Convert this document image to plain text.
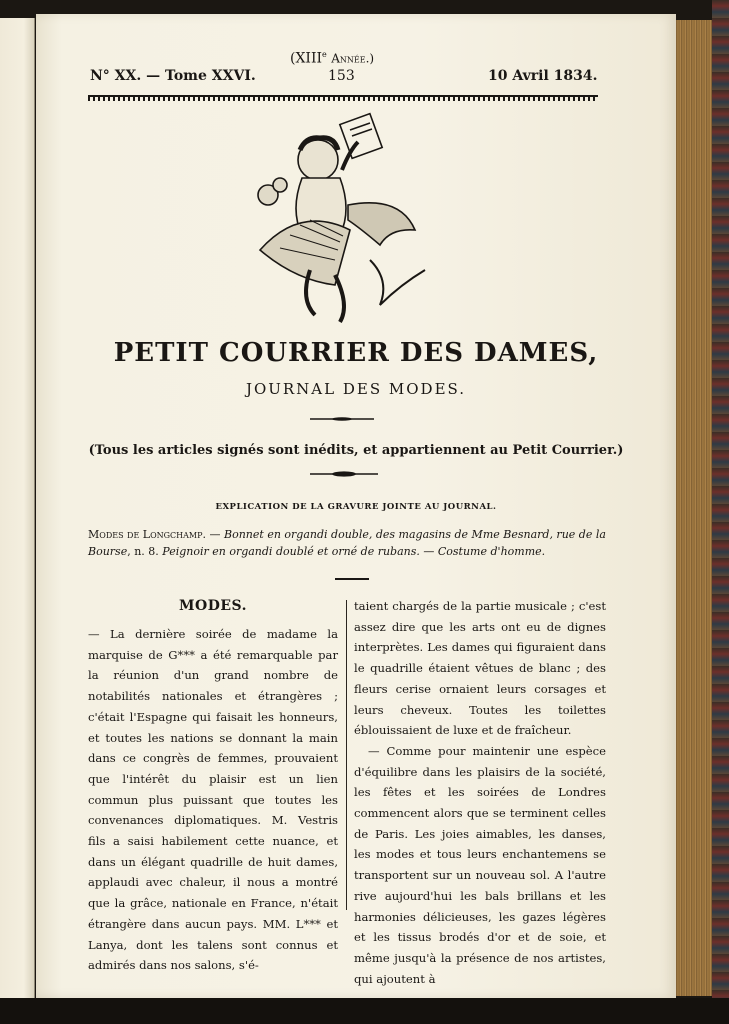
(XIIIe Année.)
N° XX. — Tome XXVI.	153	10 Avril 1834.
PETIT COURRIER DES DAMES,
JOURNAL DES MODES.
(Tous les articles signés sont inédits, et appartiennent au Petit Courrier.)
EXPLICATION DE LA GRAVURE JOINTE AU JOURNAL.
Modes de Longchamp. — Bonnet en organdi double, des magasins de Mme Besnard, rue de la Bourse, n. 8. Peignoir en organdi doublé et orné de rubans. — Costume d'homme.

MODES.

— La dernière soirée de madame la marquise de G*** a été remarquable par la réunion d'un grand nombre de notabilités nationales et étrangères ; c'était l'Espagne qui faisait les honneurs, et toutes les nations se donnant la main dans ce congrès de femmes, prouvaient que l'intérêt du plaisir est un lien commun plus puissant que toutes les convenances diplomatiques. M. Vestris fils a saisi habilement cette nuance, et dans un élégant quadrille de huit dames, applaudi avec chaleur, il nous a montré que la grâce, nationale en France, n'était étrangère dans aucun pays. MM. L*** et Lanya, dont les talens sont connus et admirés dans nos salons, s'é-

taient chargés de la partie musicale ; c'est assez dire que les arts ont eu de dignes interprètes. Les dames qui figuraient dans le quadrille étaient vêtues de blanc ; des fleurs cerise ornaient leurs corsages et leurs cheveux. Toutes les toilettes éblouissaient de luxe et de fraîcheur.

— Comme pour maintenir une espèce d'équilibre dans les plaisirs de la société, les fêtes et les soirées de Londres commencent alors que se terminent celles de Paris. Les joies aimables, les danses, les modes et tous leurs enchantemens se transportent sur un nouveau sol. A l'autre rive aujourd'hui les bals brillans et les harmonies délicieuses, les gazes légères et les tissus brodés d'or et de soie, et même jusqu'à la présence de nos artistes, qui ajoutent à
